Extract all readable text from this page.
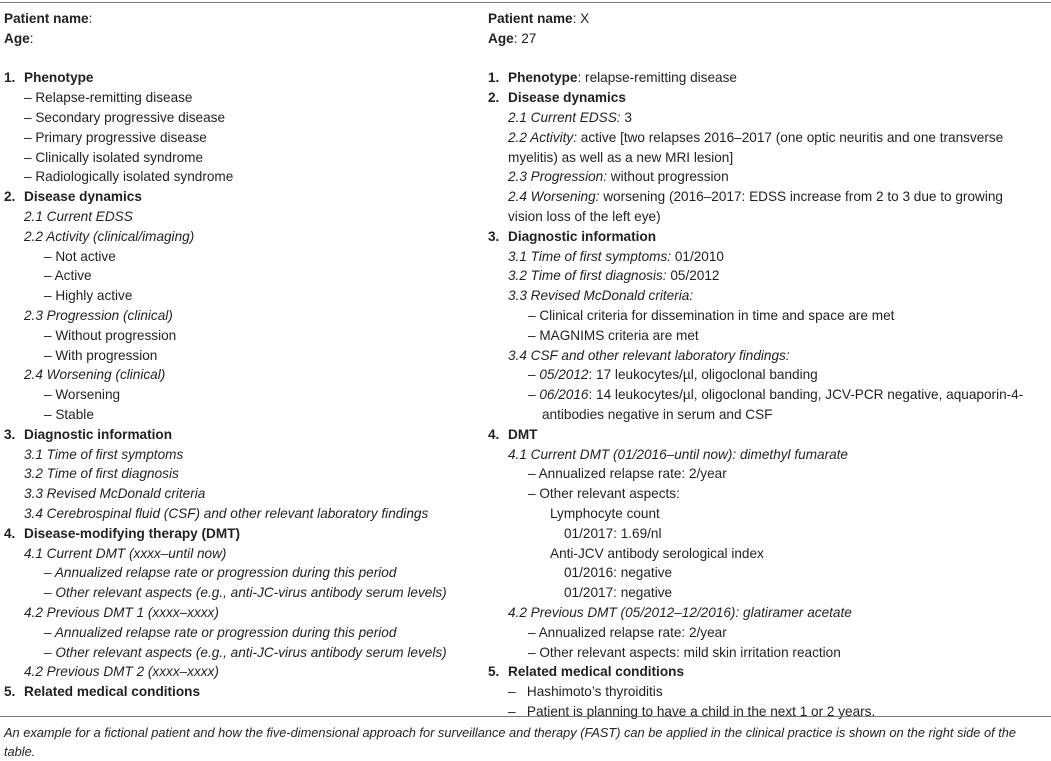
Patient name:
Age:

1. Phenotype
– Relapse-remitting disease
– Secondary progressive disease
– Primary progressive disease
– Clinically isolated syndrome
– Radiologically isolated syndrome
2. Disease dynamics
2.1 Current EDSS
2.2 Activity (clinical/imaging)
– Not active
– Active
– Highly active
2.3 Progression (clinical)
– Without progression
– With progression
2.4 Worsening (clinical)
– Worsening
– Stable
3. Diagnostic information
3.1 Time of first symptoms
3.2 Time of first diagnosis
3.3 Revised McDonald criteria
3.4 Cerebrospinal fluid (CSF) and other relevant laboratory findings
4. Disease-modifying therapy (DMT)
4.1 Current DMT (xxxx–until now)
– Annualized relapse rate or progression during this period
– Other relevant aspects (e.g., anti-JC-virus antibody serum levels)
4.2 Previous DMT 1 (xxxx–xxxx)
– Annualized relapse rate or progression during this period
– Other relevant aspects (e.g., anti-JC-virus antibody serum levels)
4.2 Previous DMT 2 (xxxx–xxxx)
5. Related medical conditions
Patient name: X
Age: 27

1. Phenotype: relapse-remitting disease
2. Disease dynamics
2.1 Current EDSS: 3
2.2 Activity: active [two relapses 2016–2017 (one optic neuritis and one transverse myelitis) as well as a new MRI lesion]
2.3 Progression: without progression
2.4 Worsening: worsening (2016–2017: EDSS increase from 2 to 3 due to growing vision loss of the left eye)
3. Diagnostic information
3.1 Time of first symptoms: 01/2010
3.2 Time of first diagnosis: 05/2012
3.3 Revised McDonald criteria:
– Clinical criteria for dissemination in time and space are met
– MAGNIMS criteria are met
3.4 CSF and other relevant laboratory findings:
– 05/2012: 17 leukocytes/µl, oligoclonal banding
– 06/2016: 14 leukocytes/µl, oligoclonal banding, JCV-PCR negative, aquaporin-4-antibodies negative in serum and CSF
4. DMT
4.1 Current DMT (01/2016–until now): dimethyl fumarate
– Annualized relapse rate: 2/year
– Other relevant aspects:
Lymphocyte count
01/2017: 1.69/nl
Anti-JCV antibody serological index
01/2016: negative
01/2017: negative
4.2 Previous DMT (05/2012–12/2016): glatiramer acetate
– Annualized relapse rate: 2/year
– Other relevant aspects: mild skin irritation reaction
5. Related medical conditions
–   Hashimoto’s thyroiditis
–   Patient is planning to have a child in the next 1 or 2 years.
An example for a fictional patient and how the five-dimensional approach for surveillance and therapy (FAST) can be applied in the clinical practice is shown on the right side of the table.
